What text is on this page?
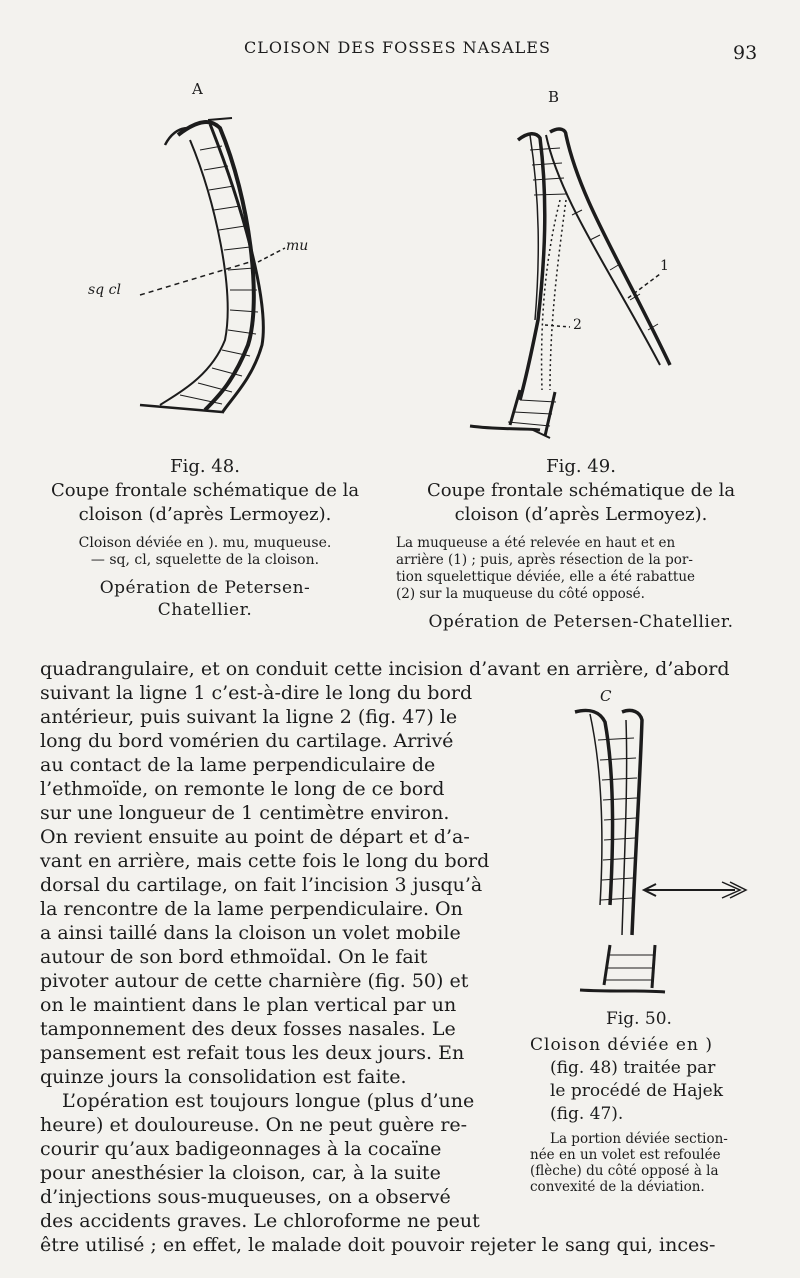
CLOISON DES FOSSES NASALES	93
A
mu
sq cl
B
1
2
Fig. 48.
Coupe frontale schématique de la
cloison (d’après Lermoyez).
Cloison déviée en ). mu, muqueuse.
— sq, cl, squelette de la cloison.
Opération de Petersen-
Chatellier.
Fig. 49.
Coupe frontale schématique de la
cloison (d’après Lermoyez).
La muqueuse a été relevée en haut et en
arrière (1) ; puis, après résection de la por-
tion squelettique déviée, elle a été rabattue
(2) sur la muqueuse du côté opposé.
Opération de Petersen-Chatellier.
C
quadrangulaire, et on conduit cette incision d’avant en arrière, d’abord
suivant la ligne 1 c’est-à-dire le long du bord
antérieur, puis suivant la ligne 2 (fig. 47) le
long du bord vomérien du cartilage. Arrivé
au contact de la lame perpendiculaire de
l’ethmoïde, on remonte le long de ce bord
sur une longueur de 1 centimètre environ.
On revient ensuite au point de départ et d’a-
vant en arrière, mais cette fois le long du bord
dorsal du cartilage, on fait l’incision 3 jusqu’à
la rencontre de la lame perpendiculaire. On
a ainsi taillé dans la cloison un volet mobile
autour de son bord ethmoïdal. On le fait
pivoter autour de cette charnière (fig. 50) et
on le maintient dans le plan vertical par un
tamponnement des deux fosses nasales. Le
pansement est refait tous les deux jours. En
quinze jours la consolidation est faite.
L’opération est toujours longue (plus d’une
heure) et douloureuse. On ne peut guère re-
courir qu’aux badigeonnages à la cocaïne
pour anesthésier la cloison, car, à la suite
d’injections sous-muqueuses, on a observé
des accidents graves. Le chloroforme ne peut
être utilisé ; en effet, le malade doit pouvoir rejeter le sang qui, inces-
Fig. 50.
Cloison déviée en )
(fig. 48) traitée par
le procédé de Hajek
(fig. 47).
La portion déviée section-
née en un volet est refoulée
(flèche) du côté opposé à la
convexité de la déviation.
